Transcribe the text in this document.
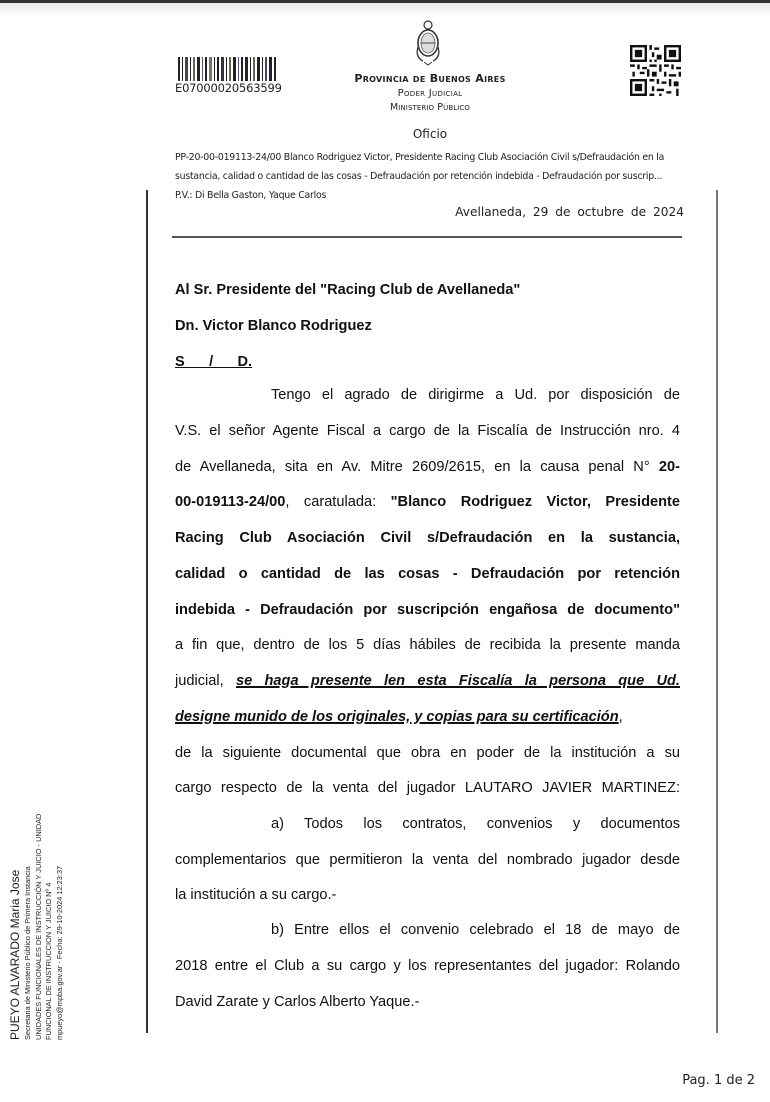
E07000020563599
Provincia de Buenos Aires
Poder Judicial
Ministerio Público
Oficio
PP-20-00-019113-24/00 Blanco Rodriguez Victor, Presidente Racing Club Asociación Civil s/Defraudación en la
sustancia, calidad o cantidad de las cosas - Defraudación por retención indebida - Defraudación por suscrip...
P.V.: Di Bella Gaston, Yaque Carlos
Avellaneda, 29 de octubre de 2024
Al Sr. Presidente del "Racing Club de Avellaneda"
Dn. Victor Blanco Rodriguez
S___/___D.
Tengo el agrado de dirigirme a Ud. por disposición de
V.S. el señor Agente Fiscal a cargo de la Fiscalía de Instrucción nro. 4
de Avellaneda, sita en Av. Mitre 2609/2615, en la causa penal N° 20-
00-019113-24/00, caratulada: "Blanco Rodriguez Victor, Presidente
Racing Club Asociación Civil s/Defraudación en la sustancia,
calidad o cantidad de las cosas - Defraudación por retención
indebida - Defraudación por suscripción engañosa de documento"
a fin que, dentro de los 5 días hábiles de recibida la presente manda
judicial, se haga presente len esta Fiscalía la persona que Ud.
designe munido de los originales, y copias para su certificación,
de la siguiente documental que obra en poder de la institución a su
cargo respecto de la venta del jugador LAUTARO JAVIER MARTINEZ:
a) Todos los contratos, convenios y documentos
complementarios que permitieron la venta del nombrado jugador desde
la institución a su cargo.-
b) Entre ellos el convenio celebrado el 18 de mayo de
2018 entre el Club a su cargo y los representantes del jugador: Rolando
David Zarate y Carlos Alberto Yaque.-
PUEYO ALVARADO Maria Jose Secretaria de Ministerio Público de Primera Instancia UNIDADES FUNCIONALES DE INSTRUCCIÓN Y JUICIO - UNIDAD FUNCIONAL DE INSTRUCCION Y JUICIO Nº 4 mpueyo@mpba.gov.ar - Fecha: 29-10-2024 12:23:37
Pag. 1 de 2
